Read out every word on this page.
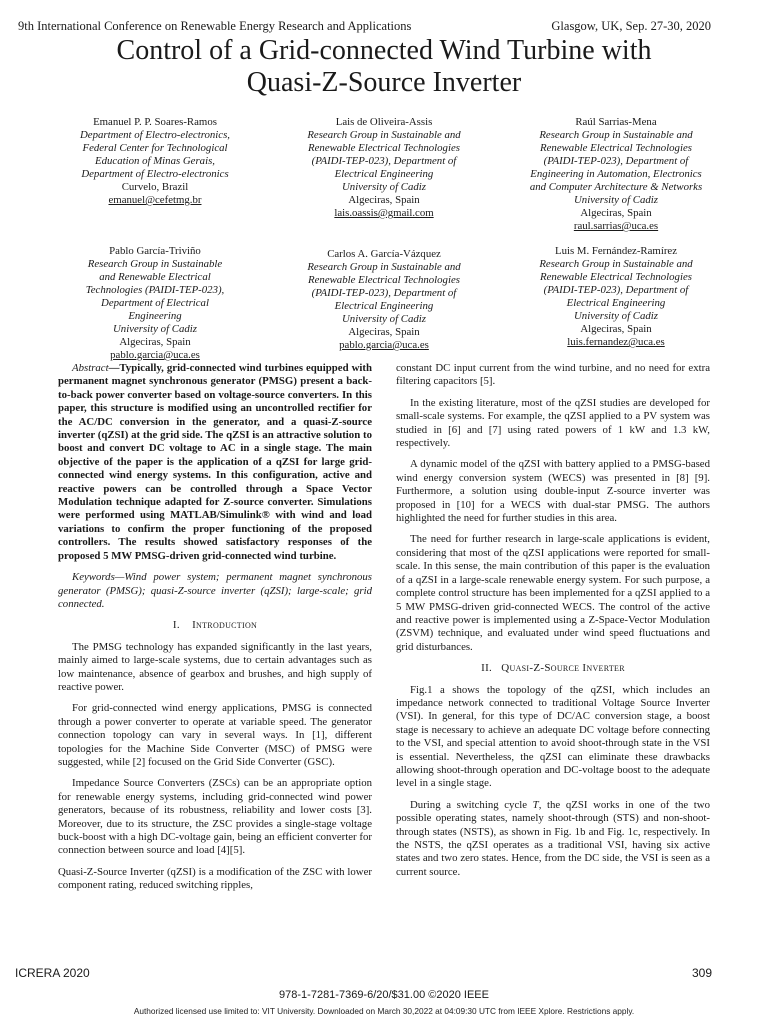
9th International Conference on Renewable Energy Research and Applications	Glasgow, UK, Sep. 27-30, 2020
Control of a Grid-connected Wind Turbine with
Quasi-Z-Source Inverter
Emanuel P. P. Soares-Ramos
Department of Electro-electronics,
Federal Center for Technological
Education of Minas Gerais,
Department of Electro-electronics
Curvelo, Brazil
emanuel@cefetmg.br
Lais de Oliveira-Assis
Research Group in Sustainable and
Renewable Electrical Technologies
(PAIDI-TEP-023), Department of
Electrical Engineering
University of Cadiz
Algeciras, Spain
lais.oassis@gmail.com
Raúl Sarrias-Mena
Research Group in Sustainable and
Renewable Electrical Technologies
(PAIDI-TEP-023), Department of
Engineering in Automation, Electronics
and Computer Architecture & Networks
University of Cadiz
Algeciras, Spain
raul.sarrias@uca.es
Pablo García-Triviño
Research Group in Sustainable
and Renewable Electrical
Technologies (PAIDI-TEP-023),
Department of Electrical
Engineering
University of Cadiz
Algeciras, Spain
pablo.garcia@uca.es
Carlos A. García-Vázquez
Research Group in Sustainable and
Renewable Electrical Technologies
(PAIDI-TEP-023), Department of
Electrical Engineering
University of Cadiz
Algeciras, Spain
pablo.garcia@uca.es
Luis M. Fernández-Ramírez
Research Group in Sustainable and
Renewable Electrical Technologies
(PAIDI-TEP-023), Department of
Electrical Engineering
University of Cadiz
Algeciras, Spain
luis.fernandez@uca.es

Abstract—Typically, grid-connected wind turbines equipped with permanent magnet synchronous generator (PMSG) present a back-to-back power converter based on voltage-source converters. In this paper, this structure is modified using an uncontrolled rectifier for the AC/DC conversion in the generator, and a quasi-Z-source inverter (qZSI) at the grid side. The qZSI is an attractive solution to boost and convert DC voltage to AC in a single stage. The main objective of the paper is the application of a qZSI for large grid-connected wind energy systems. In this configuration, active and reactive powers can be controlled through a Space Vector Modulation technique adapted for Z-source converter. Simulations were performed using MATLAB/Simulink® with wind and load variations to confirm the proper functioning of the proposed controllers. The results showed satisfactory responses of the proposed 5 MW PMSG-driven grid-connected wind turbine.

Keywords—Wind power system; permanent magnet synchronous generator (PMSG); quasi-Z-source inverter (qZSI); large-scale; grid connected.

I. Introduction

The PMSG technology has expanded significantly in the last years, mainly aimed to large-scale systems, due to certain advantages such as low maintenance, absence of gearbox and brushes, and high supply of reactive power.

For grid-connected wind energy applications, PMSG is connected through a power converter to operate at variable speed. The generator connection topology can vary in several ways. In [1], different topologies for the Machine Side Converter (MSC) of PMSG were suggested, while [2] focused on the Grid Side Converter (GSC).

Impedance Source Converters (ZSCs) can be an appropriate option for renewable energy systems, including grid-connected wind power generators, because of its robustness, reliability and lower costs [3]. Moreover, due to its structure, the ZSC provides a single-stage voltage buck-boost with a high DC-voltage gain, being an efficient converter for connection between source and load [4][5].

Quasi-Z-Source Inverter (qZSI) is a modification of the ZSC with lower component rating, reduced switching ripples,

constant DC input current from the wind turbine, and no need for extra filtering capacitors [5].

In the existing literature, most of the qZSI studies are developed for small-scale systems. For example, the qZSI applied to a PV system was studied in [6] and [7] using rated powers of 1 kW and 1.3 kW, respectively.

A dynamic model of the qZSI with battery applied to a PMSG-based wind energy conversion system (WECS) was presented in [8] [9]. Furthermore, a solution using double-input Z-source inverter was proposed in [10] for a WECS with dual-star PMSG. The authors highlighted the need for further studies in this area.

The need for further research in large-scale applications is evident, considering that most of the qZSI applications were reported for small-scale. In this sense, the main contribution of this paper is the evaluation of a qZSI in a large-scale renewable energy system. For such purpose, a complete control structure has been implemented for a qZSI applied to a 5 MW PMSG-driven grid-connected WECS. The control of the active and reactive power is implemented using a Z-Space-Vector Modulation (ZSVM) technique, and evaluated under wind speed fluctuations and grid disturbances.

II. Quasi-Z-Source Inverter

Fig.1 a shows the topology of the qZSI, which includes an impedance network connected to traditional Voltage Source Inverter (VSI). In general, for this type of DC/AC conversion stage, a boost stage is necessary to achieve an adequate DC voltage before connecting to the VSI, and special attention to avoid shoot-through state in the VSI is essential. Nevertheless, the qZSI can eliminate these drawbacks allowing shoot-through operation and DC-voltage boost to the adequate level in a single stage.

During a switching cycle T, the qZSI works in one of the two possible operating states, namely shoot-through (STS) and non-shoot-through states (NSTS), as shown in Fig. 1b and Fig. 1c, respectively. In the NSTS, the qZSI operates as a traditional VSI, having six active states and two zero states. Hence, from the DC side, the VSI is seen as a current source.

ICRERA 2020	309
978-1-7281-7369-6/20/$31.00 ©2020 IEEE
Authorized licensed use limited to: VIT University. Downloaded on March 30,2022 at 04:09:30 UTC from IEEE Xplore. Restrictions apply.
